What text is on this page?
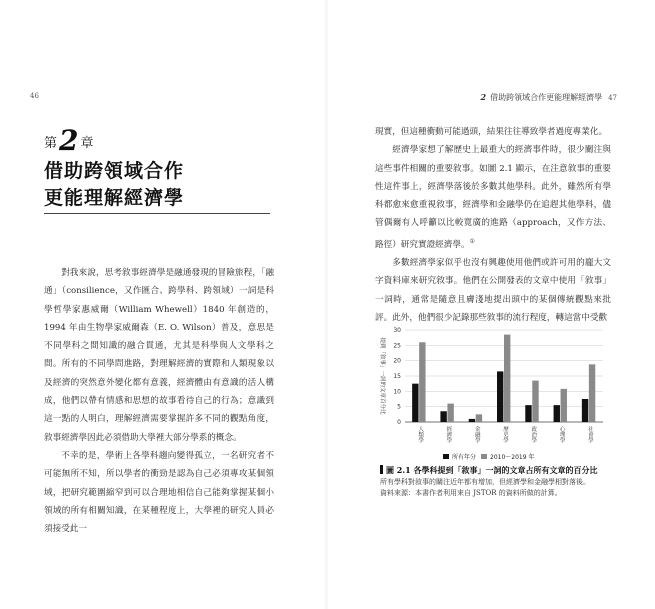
46
第2 章
借助跨領域合作
更能理解經濟學

對我來說，思考敘事經濟學是融通發現的冒險旅程，「融通」（consilience，又作匯合、跨學科、跨領域）一詞是科學哲學家惠威爾（William Whewell）1840 年創造的，1994 年由生物學家威爾森（E. O. Wilson）普及，意思是不同學科之間知識的融合貫通，尤其是科學與人文學科之間。所有的不同學問進路，對理解經濟的實際和人類現象以及經濟的突然意外變化都有意義，經濟體由有意識的活人構成，他們以帶有情感和思想的故事看待自己的行為；意識到這一點的人明白，理解經濟需要掌握許多不同的觀點角度，敘事經濟學因此必須借助大學裡大部分學系的概念。

不幸的是，學術上各學科趨向變得孤立，一名研究者不可能無所不知，所以學者的衝勁是認為自己必須專攻某個領域，把研究範圍縮窄到可以合理地相信自己能夠掌握某個小領域的所有相關知識，在某種程度上，大學裡的研究人員必須接受此一

2 借助跨領域合作更能理解經濟學 47

現實，但這種衝動可能過頭，結果往往導致學者過度專業化。

經濟學家想了解歷史上最重大的經濟事件時，很少關注與這些事件相關的重要敘事。如圖 2.1 顯示，在注意敘事的重要性這件事上，經濟學落後於多數其他學科。此外，雖然所有學科都愈來愈重視敘事，經濟學和金融學仍在追趕其他學科，儘管偶爾有人呼籲以比較寬廣的進路（approach，又作方法、路徑）研究實證經濟學。①

多數經濟學家似乎也沒有興趣使用他們或許可用的龐大文字資料庫來研究敘事。他們在公開發表的文章中使用「敘事」一詞時，通常是隨意且膚淺地提出頭中的某個傳統觀點來批評。此外，他們很少記錄那些敘事的流行程度，轉這當中受歡

提到「敘事」一詞的文章百分比
0
5
10
15
20
25
30
人類學	經濟學	金融學	歷史學	政治學	心理學	社會學
所有年分 2010～2019 年
圖 2.1 各學科提到「敘事」一詞的文章占所有文章的百分比
所有學科對敘事的關注近年都有增加，但經濟學和金融學相對落後。
資料來源：本書作者利用來自 JSTOR 的資料所做的計算。
